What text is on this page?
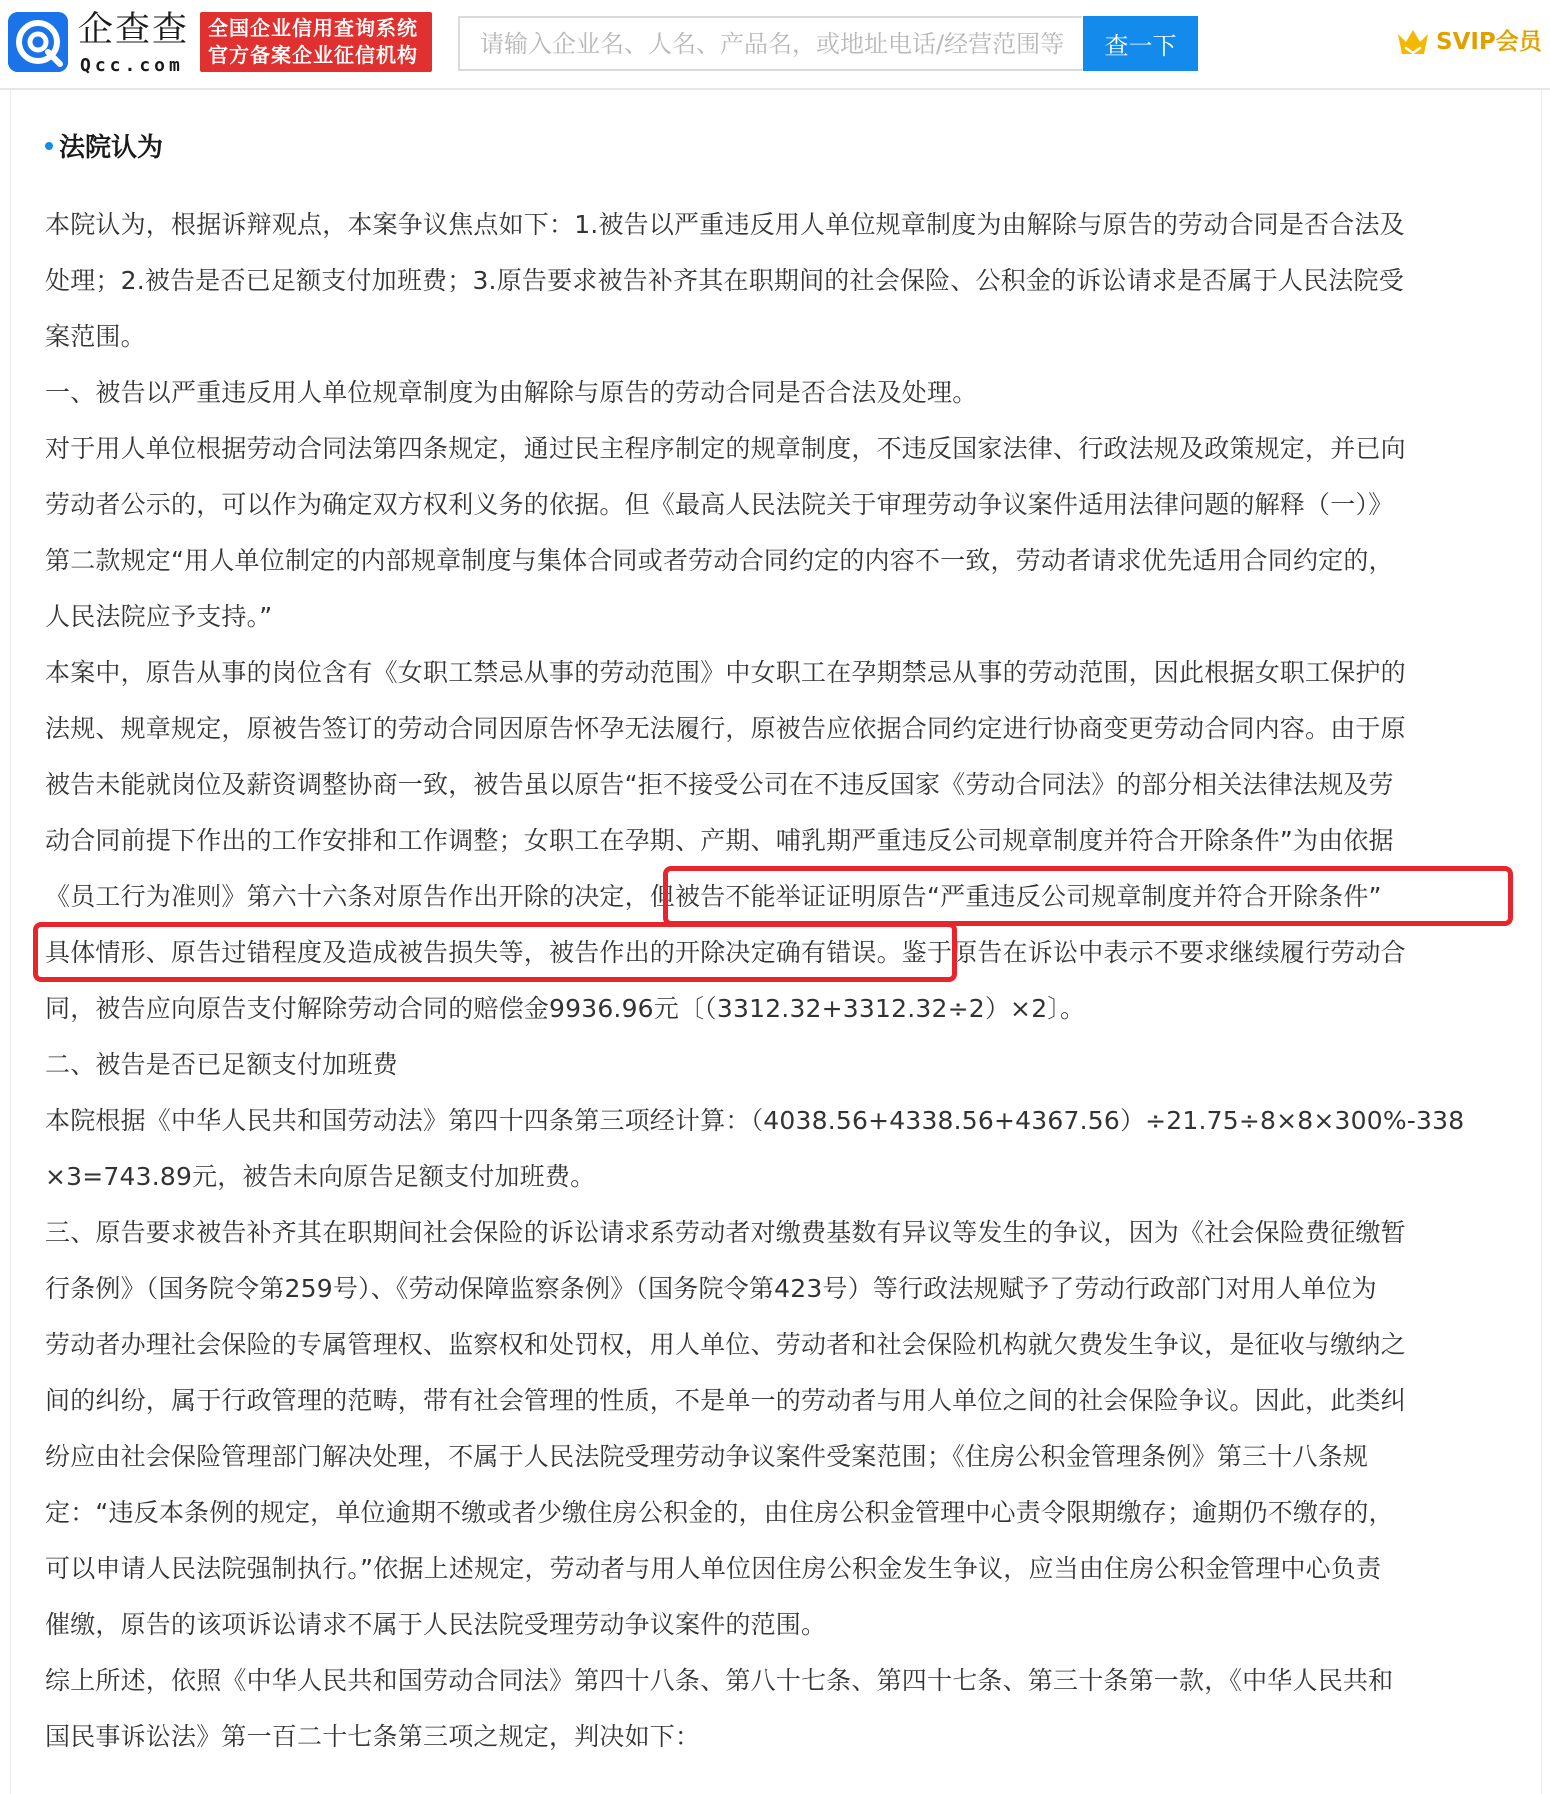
企查查
Qcc.com
全国企业信用查询系统
官方备案企业征信机构
请输入企业名、人名、产品名，或地址电话/经营范围等	查一下	SVIP会员
法院认为
本院认为，根据诉辩观点，本案争议焦点如下：1.被告以严重违反用人单位规章制度为由解除与原告的劳动合同是否合法及
处理；2.被告是否已足额支付加班费；3.原告要求被告补齐其在职期间的社会保险、公积金的诉讼请求是否属于人民法院受
案范围。
一、被告以严重违反用人单位规章制度为由解除与原告的劳动合同是否合法及处理。
对于用人单位根据劳动合同法第四条规定，通过民主程序制定的规章制度，不违反国家法律、行政法规及政策规定，并已向
劳动者公示的，可以作为确定双方权利义务的依据。但《最高人民法院关于审理劳动争议案件适用法律问题的解释（一）》
第二款规定“用人单位制定的内部规章制度与集体合同或者劳动合同约定的内容不一致，劳动者请求优先适用合同约定的，
人民法院应予支持。”
本案中，原告从事的岗位含有《女职工禁忌从事的劳动范围》中女职工在孕期禁忌从事的劳动范围，因此根据女职工保护的
法规、规章规定，原被告签订的劳动合同因原告怀孕无法履行，原被告应依据合同约定进行协商变更劳动合同内容。由于原
被告未能就岗位及薪资调整协商一致，被告虽以原告“拒不接受公司在不违反国家《劳动合同法》的部分相关法律法规及劳
动合同前提下作出的工作安排和工作调整；女职工在孕期、产期、哺乳期严重违反公司规章制度并符合开除条件”为由依据
《员工行为准则》第六十六条对原告作出开除的决定，但被告不能举证证明原告“严重违反公司规章制度并符合开除条件”
具体情形、原告过错程度及造成被告损失等，被告作出的开除决定确有错误。鉴于原告在诉讼中表示不要求继续履行劳动合
同，被告应向原告支付解除劳动合同的赔偿金9936.96元〔（3312.32+3312.32÷2）×2〕。
二、被告是否已足额支付加班费
本院根据《中华人民共和国劳动法》第四十四条第三项经计算：（4038.56+4338.56+4367.56）÷21.75÷8×8×300%-338
×3=743.89元，被告未向原告足额支付加班费。
三、原告要求被告补齐其在职期间社会保险的诉讼请求系劳动者对缴费基数有异议等发生的争议，因为《社会保险费征缴暂
行条例》（国务院令第259号）、《劳动保障监察条例》（国务院令第423号）等行政法规赋予了劳动行政部门对用人单位为
劳动者办理社会保险的专属管理权、监察权和处罚权，用人单位、劳动者和社会保险机构就欠费发生争议，是征收与缴纳之
间的纠纷，属于行政管理的范畴，带有社会管理的性质，不是单一的劳动者与用人单位之间的社会保险争议。因此，此类纠
纷应由社会保险管理部门解决处理，不属于人民法院受理劳动争议案件受案范围；《住房公积金管理条例》第三十八条规
定：“违反本条例的规定，单位逾期不缴或者少缴住房公积金的，由住房公积金管理中心责令限期缴存；逾期仍不缴存的，
可以申请人民法院强制执行。”依据上述规定，劳动者与用人单位因住房公积金发生争议，应当由住房公积金管理中心负责
催缴，原告的该项诉讼请求不属于人民法院受理劳动争议案件的范围。
综上所述，依照《中华人民共和国劳动合同法》第四十八条、第八十七条、第四十七条、第三十条第一款，《中华人民共和
国民事诉讼法》第一百二十七条第三项之规定，判决如下：
